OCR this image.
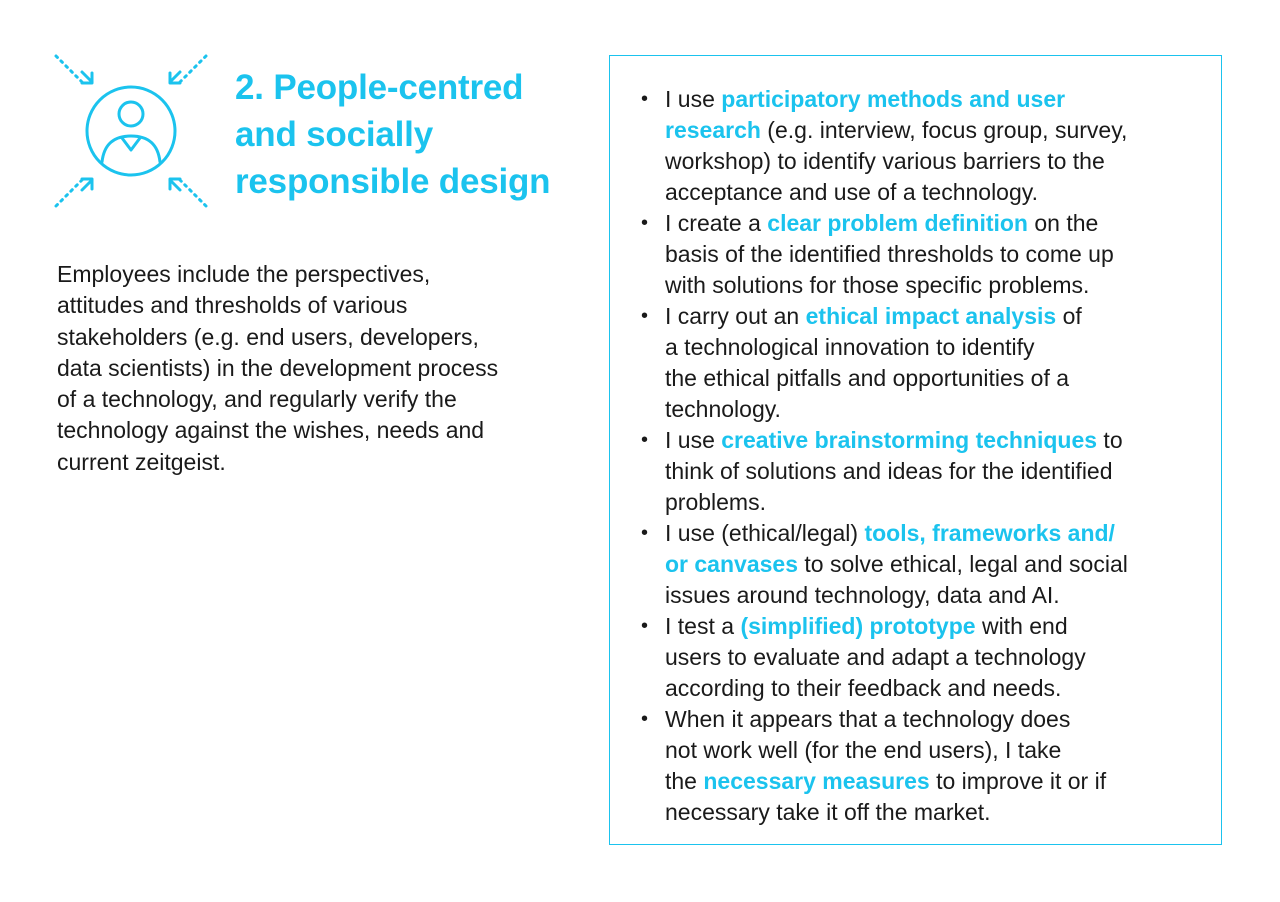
2. People-centred
and socially
responsible design

Employees include the perspectives,
attitudes and thresholds of various
stakeholders (e.g. end users, developers,
data scientists) in the development process
of a technology, and regularly verify the
technology against the wishes, needs and
current zeitgeist.

• I use participatory methods and user
research (e.g. interview, focus group, survey,
workshop) to identify various barriers to the
acceptance and use of a technology.
• I create a clear problem definition on the
basis of the identified thresholds to come up
with solutions for those specific problems.
• I carry out an ethical impact analysis of
a technological innovation to identify
the ethical pitfalls and opportunities of a
technology.
• I use creative brainstorming techniques to
think of solutions and ideas for the identified
problems.
• I use (ethical/legal) tools, frameworks and/
or canvases to solve ethical, legal and social
issues around technology, data and AI.
• I test a (simplified) prototype with end
users to evaluate and adapt a technology
according to their feedback and needs.
• When it appears that a technology does
not work well (for the end users), I take
the necessary measures to improve it or if
necessary take it off the market.
